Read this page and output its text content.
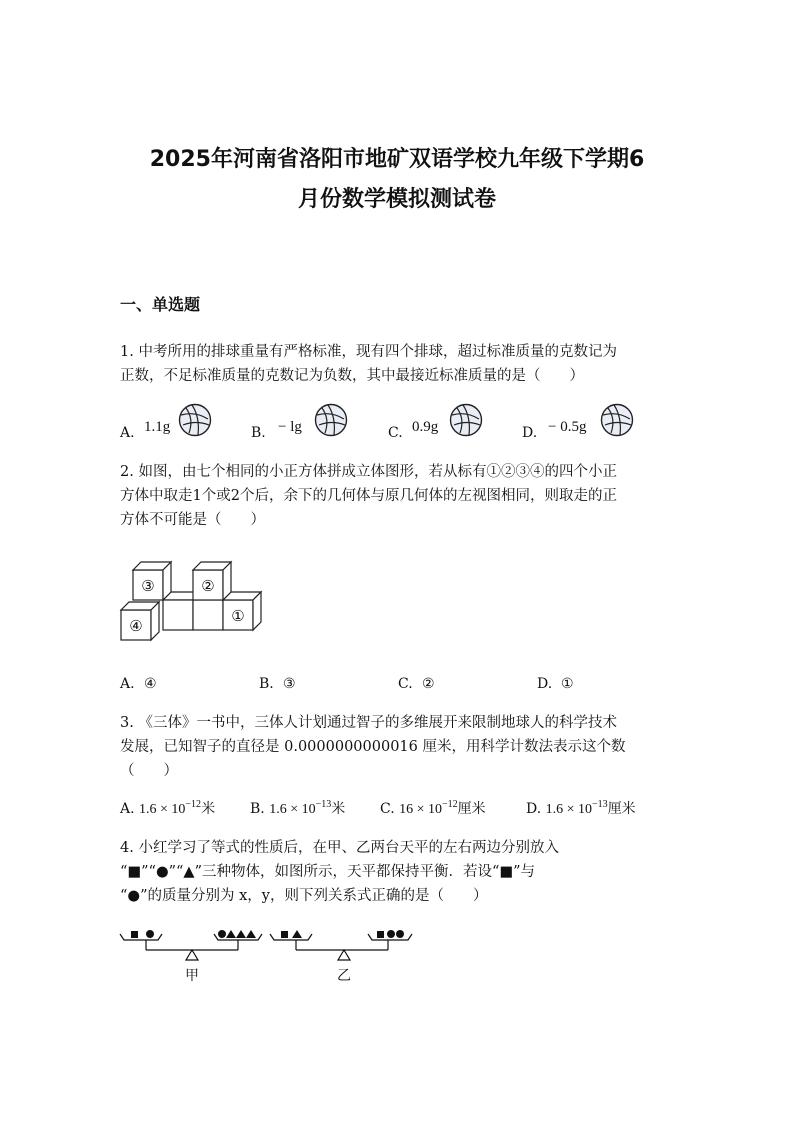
2025年河南省洛阳市地矿双语学校九年级下学期6
月份数学模拟测试卷
一、单选题
1. 中考所用的排球重量有严格标准，现有四个排球，超过标准质量的克数记为
正数，不足标准质量的克数记为负数，其中最接近标准质量的是（　　）
A. 1.1g	B. − lg	C. 0.9g	D. − 0.5g
2. 如图，由七个相同的小正方体拼成立体图形，若从标有①②③④的四个小正
方体中取走1个或2个后，余下的几何体与原几何体的左视图相同，则取走的正
方体不可能是（　　）
③	②
④
①
A. ④	B. ③	C. ②	D. ①
3. 《三体》一书中，三体人计划通过智子的多维展开来限制地球人的科学技术
发展，已知智子的直径是 0.0000000000016 厘米，用科学计数法表示这个数
（　　）
A. $1.6 \times 10^{-12}$米 B. $1.6 \times 10^{-13}$米 C. $16 \times 10^{-12}$厘米	D. $1.6 \times 10^{-13}$厘米
4. 小红学习了等式的性质后，在甲、乙两台天平的左右两边分别放入
“■”“●”“▲”三种物体，如图所示，天平都保持平衡．若设“■”与
“●”的质量分别为 x，y，则下列关系式正确的是（　　）
甲	乙
